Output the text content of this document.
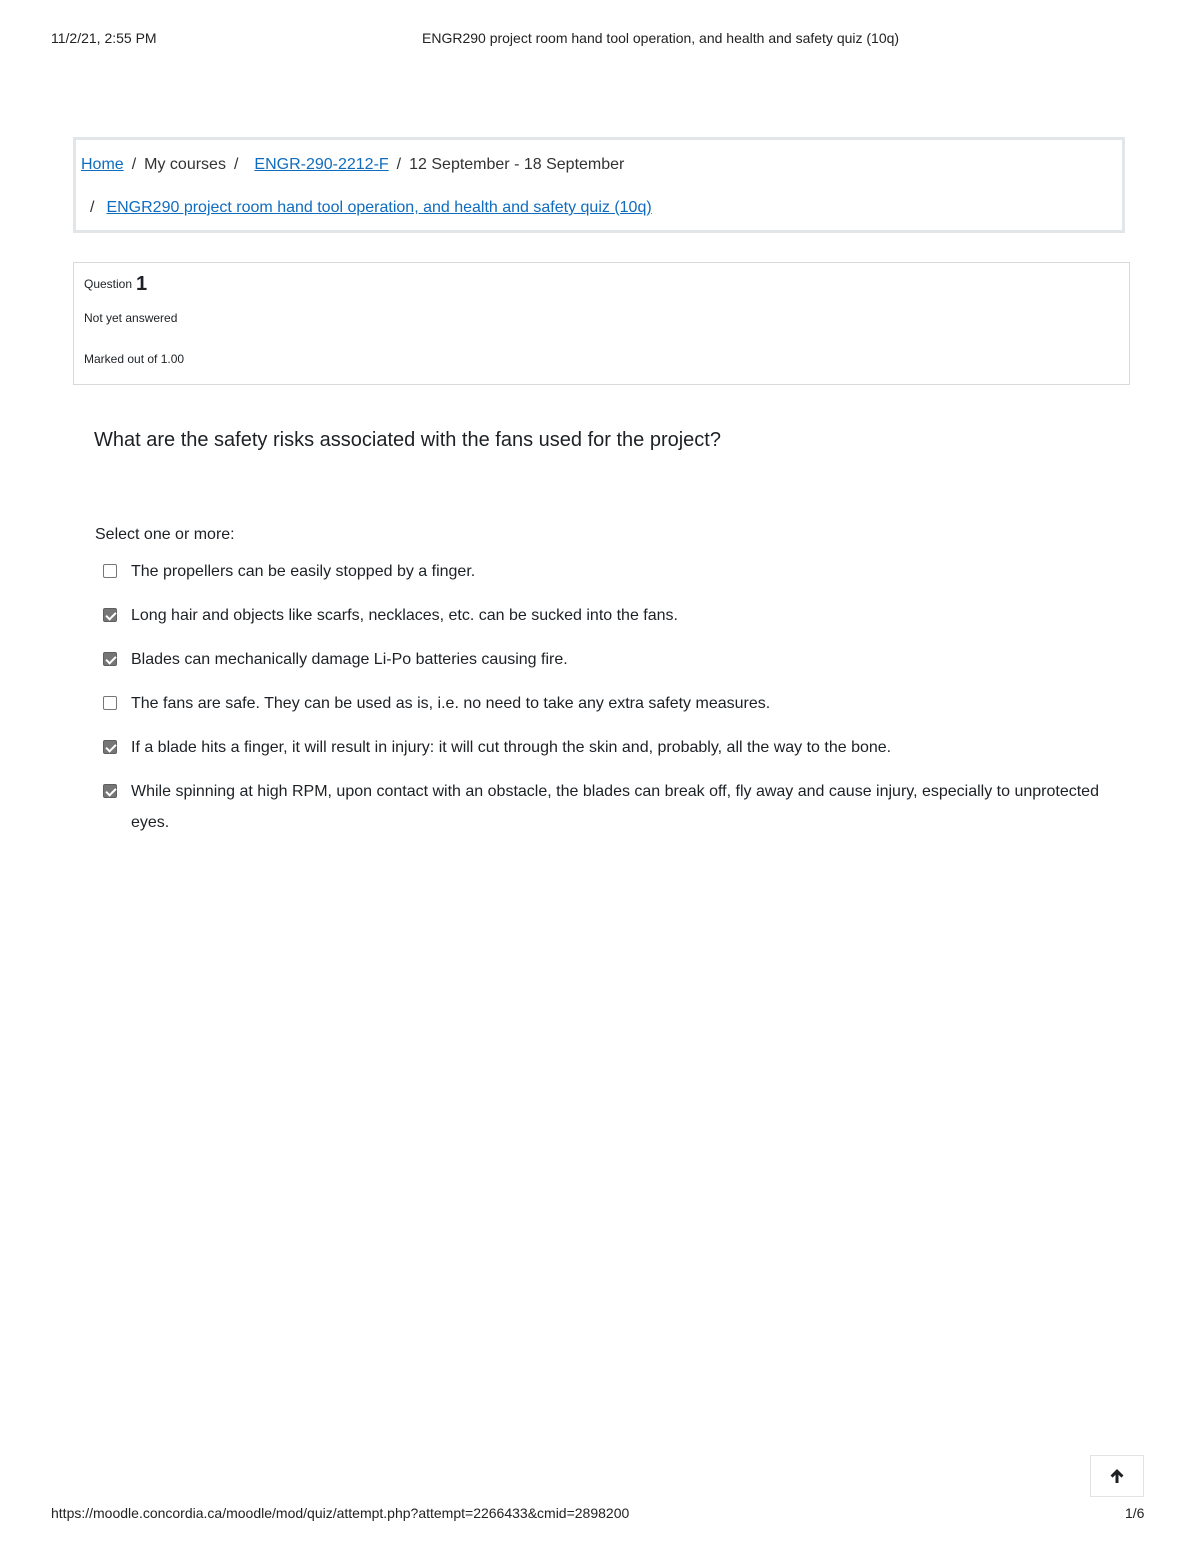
11/2/21, 2:55 PM	ENGR290 project room hand tool operation, and health and safety quiz (10q)
Home / My courses / ENGR-290-2212-F / 12 September - 18 September
/ ENGR290 project room hand tool operation, and health and safety quiz (10q)
Question 1
Not yet answered
Marked out of 1.00
What are the safety risks associated with the fans used for the project?
Select one or more:
The propellers can be easily stopped by a finger.
Long hair and objects like scarfs, necklaces, etc. can be sucked into the fans.
Blades can mechanically damage Li-Po batteries causing fire.
The fans are safe. They can be used as is, i.e. no need to take any extra safety measures.
If a blade hits a finger, it will result in injury: it will cut through the skin and, probably, all the way to the bone.
While spinning at high RPM, upon contact with an obstacle, the blades can break off, fly away and cause injury, especially to unprotected eyes.
https://moodle.concordia.ca/moodle/mod/quiz/attempt.php?attempt=2266433&cmid=2898200	1/6
